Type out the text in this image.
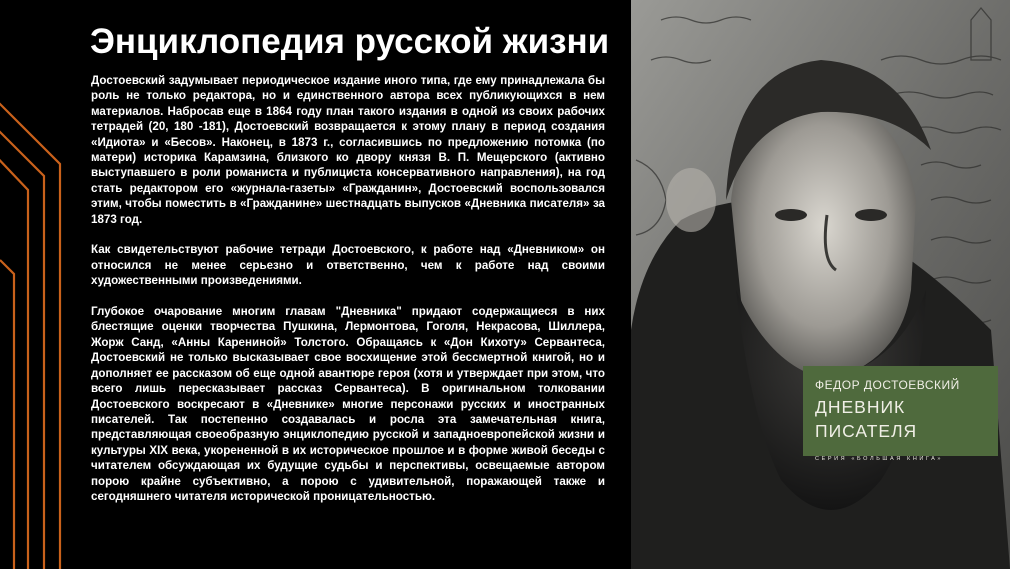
Энциклопедия русской жизни

Достоевский задумывает периодическое издание иного типа, где ему принадлежала бы роль не только редактора, но и единственного автора всех публикующихся в нем материалов. Набросав еще в 1864 году план такого издания в одной из своих рабочих тетрадей (20, 180 -181), Достоевский возвращается к этому плану в период создания «Идиота» и «Бесов». Наконец, в 1873 г., согласившись по предложению потомка (по матери) историка Карамзина, близкого ко двору князя В. П. Мещерского (активно выступавшего в роли романиста и публициста консервативного направления), на год стать редактором его «журнала-газеты» «Гражданин», Достоевский воспользовался этим, чтобы поместить в «Гражданине» шестнадцать выпусков «Дневника писателя» за 1873 год.

Как свидетельствуют рабочие тетради Достоевского, к работе над «Дневником» он относился не менее серьезно и ответственно, чем к работе над своими художественными произведениями.

Глубокое очарование многим главам "Дневника" придают содержащиеся в них блестящие оценки творчества Пушкина, Лермонтова, Гоголя, Некрасова, Шиллера, Жорж Санд, «Анны Карениной» Толстого. Обращаясь к «Дон Кихоту» Сервантеса, Достоевский не только высказывает свое восхищение этой бессмертной книгой, но и дополняет ее рассказом об еще одной авантюре героя (хотя и утверждает при этом, что всего лишь пересказывает рассказ Сервантеса). В оригинальном толковании Достоевского воскресают в «Дневнике» многие персонажи русских и иностранных писателей. Так постепенно создавалась и росла эта замечательная книга, представляющая своеобразную энциклопедию русской и западноевропейской жизни и культуры XIX века, укорененной в их историческое прошлое и в форме живой беседы с читателем обсуждающая их будущие судьбы и перспективы, освещаемые автором порою крайне субъективно, а порою с удивительной, поражающей также и сегодняшнего читателя исторической проницательностью.

ФЕДОР ДОСТОЕВСКИЙ
ДНЕВНИК ПИСАТЕЛЯ
СЕРИЯ «БОЛЬШАЯ КНИГА»
